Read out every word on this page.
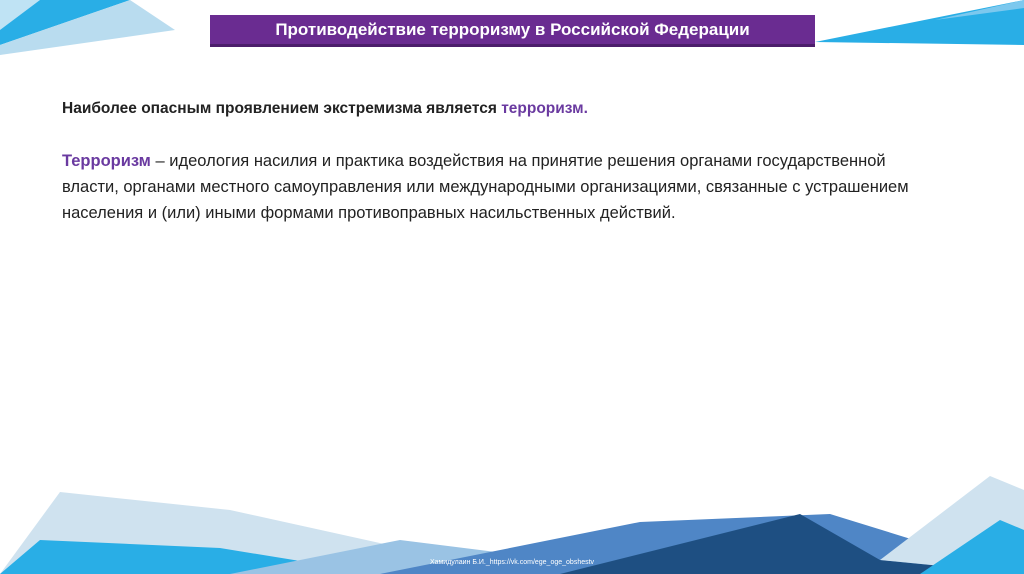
Противодействие терроризму в Российской Федерации

Наиболее опасным проявлением экстремизма является терроризм.

Терроризм – идеология насилия и практика воздействия на принятие решения органами государственной власти, органами местного самоуправления или международными организациями, связанные с устрашением населения и (или) иными формами противоправных насильственных действий.

Хамидулаин Б.И._https://vk.com/ege_oge_obshestv
